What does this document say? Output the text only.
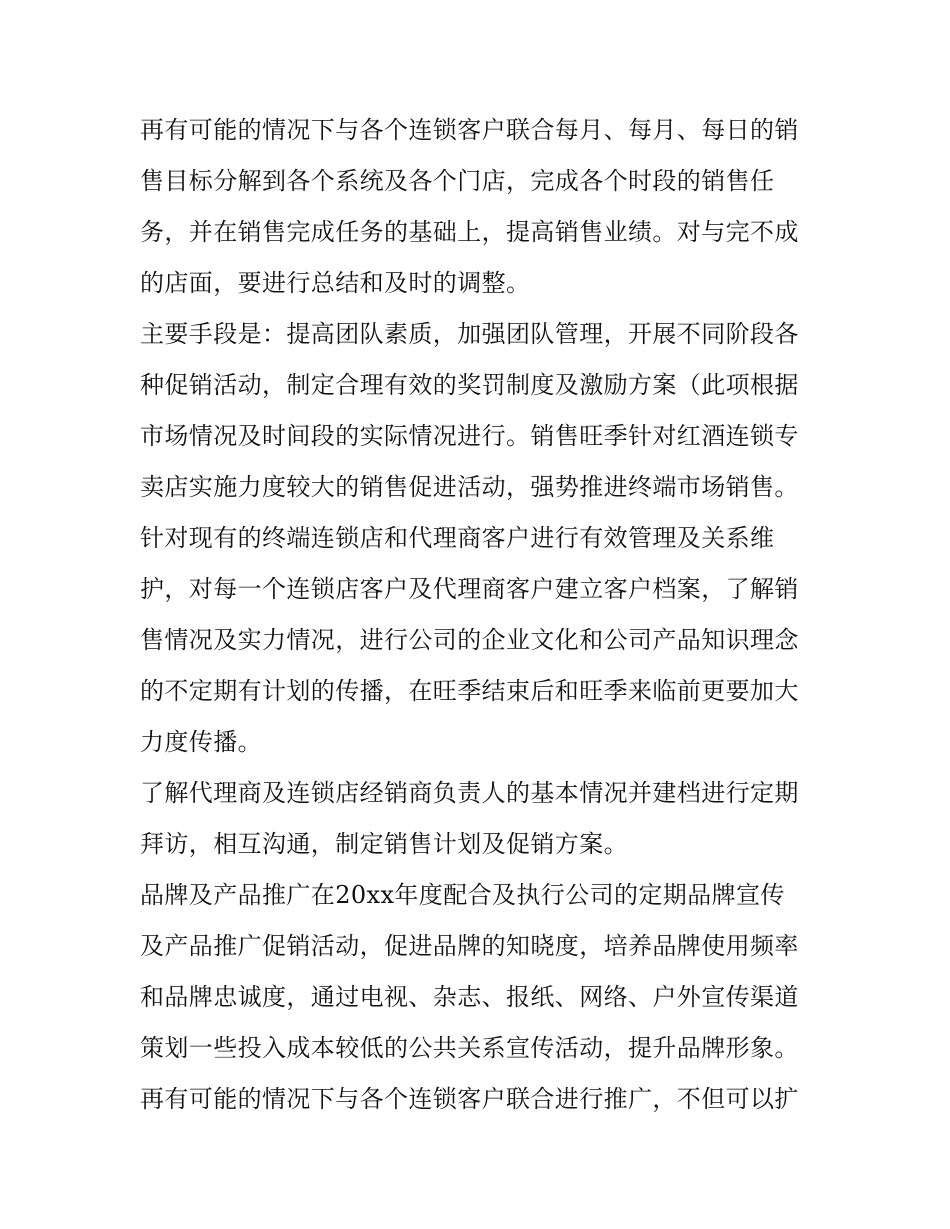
再有可能的情况下与各个连锁客户联合每月、每月、每日的销
售目标分解到各个系统及各个门店，完成各个时段的销售任
务，并在销售完成任务的基础上，提高销售业绩。对与完不成
的店面，要进行总结和及时的调整。
主要手段是：提高团队素质，加强团队管理，开展不同阶段各
种促销活动，制定合理有效的奖罚制度及激励方案（此项根据
市场情况及时间段的实际情况进行。销售旺季针对红酒连锁专
卖店实施力度较大的销售促进活动，强势推进终端市场销售。
针对现有的终端连锁店和代理商客户进行有效管理及关系维
护，对每一个连锁店客户及代理商客户建立客户档案，了解销
售情况及实力情况，进行公司的企业文化和公司产品知识理念
的不定期有计划的传播，在旺季结束后和旺季来临前更要加大
力度传播。
了解代理商及连锁店经销商负责人的基本情况并建档进行定期
拜访，相互沟通，制定销售计划及促销方案。
品牌及产品推广在20xx年度配合及执行公司的定期品牌宣传
及产品推广促销活动，促进品牌的知晓度，培养品牌使用频率
和品牌忠诚度，通过电视、杂志、报纸、网络、户外宣传渠道
策划一些投入成本较低的公共关系宣传活动，提升品牌形象。
再有可能的情况下与各个连锁客户联合进行推广，不但可以扩
